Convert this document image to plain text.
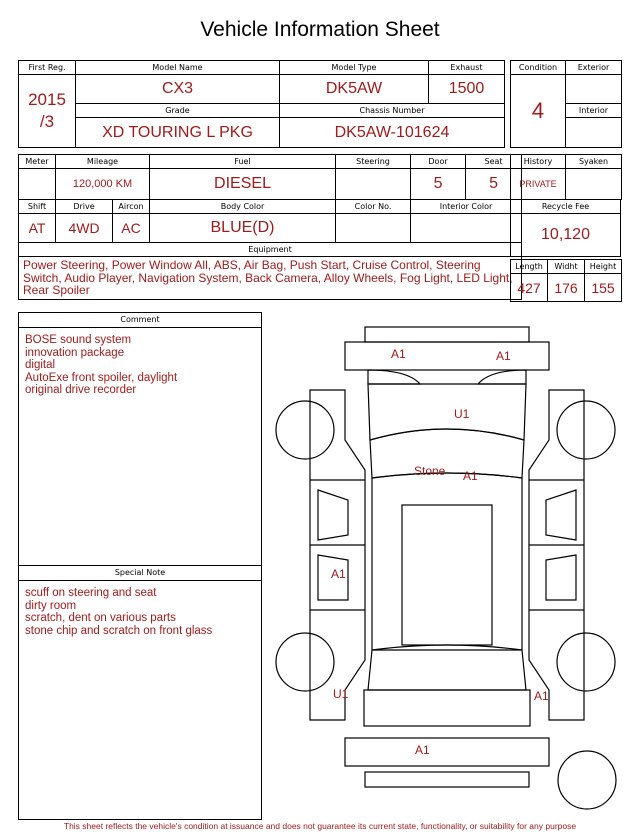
Vehicle Information Sheet
First Reg.	Model Name	Model Type	Exhaust

2015
/3	CX3	DK5AW	1500
	Grade	Chassis Number	
	XD TOURING L PKG	DK5AW-101624	
Condition	Exterior
4	
	Interior

Meter	Mileage		Fuel	Steering	Door	Seat
	120,000 KM		DIESEL		5	5
Shift	Drive	Aircon	Body Color	Color No.	Interior Color	
AT	4WD	AC	BLUE(D)			
Equipment						
Power Steering, Power Window All, ABS, Air Bag, Push Start, Cruise Control, Steering Switch, Audio Player, Navigation System, Back Camera, Alloy Wheels, Fog Light, LED Light, Rear Spoiler						
History	Syaken
PRIVATE	
Recycle Fee
10,120
Length	Widht	Height
427	176	155
Comment
BOSE sound system
innovation package
digital
AutoExe front spoiler, daylight
original drive recorder
Special Note
scuff on steering and seat
dirty room
scratch, dent on various parts
stone chip and scratch on front glass
A1	A1
U1
Stone A1
A1
U1	A1
A1
This sheet reflects the vehicle's condition at issuance and does not guarantee its current state, functionality, or suitability for any purpose
